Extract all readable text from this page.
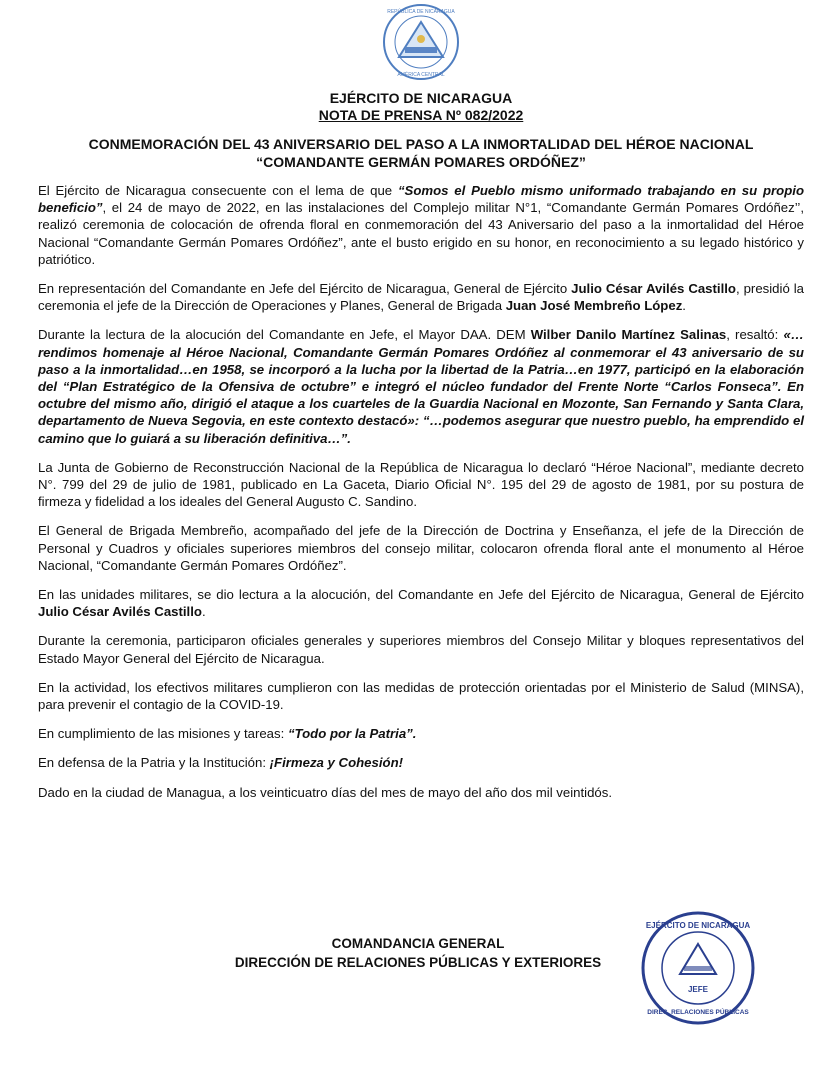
REPÚBLICA DE NICARAGUA
AMÉRICA CENTRAL

EJÉRCITO DE NICARAGUA

NOTA DE PRENSA Nº 082/2022

CONMEMORACIÓN DEL 43 ANIVERSARIO DEL PASO A LA INMORTALIDAD DEL HÉROE NACIONAL “COMANDANTE GERMÁN POMARES ORDÓÑEZ”

El Ejército de Nicaragua consecuente con el lema de que “Somos el Pueblo mismo uniformado trabajando en su propio beneficio”, el 24 de mayo de 2022, en las instalaciones del Complejo militar N°1, “Comandante Germán Pomares Ordóñez’’, realizó ceremonia de colocación de ofrenda floral en conmemoración del 43 Aniversario del paso a la inmortalidad del Héroe Nacional “Comandante Germán Pomares Ordóñez”, ante el busto erigido en su honor, en reconocimiento a su legado histórico y patriótico.

En representación del Comandante en Jefe del Ejército de Nicaragua, General de Ejército Julio César Avilés Castillo, presidió la ceremonia el jefe de la Dirección de Operaciones y Planes, General de Brigada Juan José Membreño López.

Durante la lectura de la alocución del Comandante en Jefe, el Mayor DAA. DEM Wilber Danilo Martínez Salinas, resaltó: «…rendimos homenaje al Héroe Nacional, Comandante Germán Pomares Ordóñez al conmemorar el 43 aniversario de su paso a la inmortalidad…en 1958, se incorporó a la lucha por la libertad de la Patria…en 1977, participó en la elaboración del “Plan Estratégico de la Ofensiva de octubre” e integró el núcleo fundador del Frente Norte “Carlos Fonseca”. En octubre del mismo año, dirigió el ataque a los cuarteles de la Guardia Nacional en Mozonte, San Fernando y Santa Clara, departamento de Nueva Segovia, en este contexto destacó»: “…podemos asegurar que nuestro pueblo, ha emprendido el camino que lo guiará a su liberación definitiva…”.

La Junta de Gobierno de Reconstrucción Nacional de la República de Nicaragua lo declaró “Héroe Nacional”, mediante decreto N°. 799 del 29 de julio de 1981, publicado en La Gaceta, Diario Oficial N°. 195 del 29 de agosto de 1981, por su postura de firmeza y fidelidad a los ideales del General Augusto C. Sandino.

El General de Brigada Membreño, acompañado del jefe de la Dirección de Doctrina y Enseñanza, el jefe de la Dirección de Personal y Cuadros y oficiales superiores miembros del consejo militar, colocaron ofrenda floral ante el monumento al Héroe Nacional, “Comandante Germán Pomares Ordóñez”.

En las unidades militares, se dio lectura a la alocución, del Comandante en Jefe del Ejército de Nicaragua, General de Ejército Julio César Avilés Castillo.

Durante la ceremonia, participaron oficiales generales y superiores miembros del Consejo Militar y bloques representativos del Estado Mayor General del Ejército de Nicaragua.

En la actividad, los efectivos militares cumplieron con las medidas de protección orientadas por el Ministerio de Salud (MINSA), para prevenir el contagio de la COVID-19.

En cumplimiento de las misiones y tareas: “Todo por la Patria”.

En defensa de la Patria y la Institución: ¡Firmeza y Cohesión!

Dado en la ciudad de Managua, a los veinticuatro días del mes de mayo del año dos mil veintidós.

COMANDANCIA GENERAL
DIRECCIÓN DE RELACIONES PÚBLICAS Y EXTERIORES
JEFE
EJÉRCITO DE NICARAGUA
DIREC. RELACIONES PÚBLICAS
